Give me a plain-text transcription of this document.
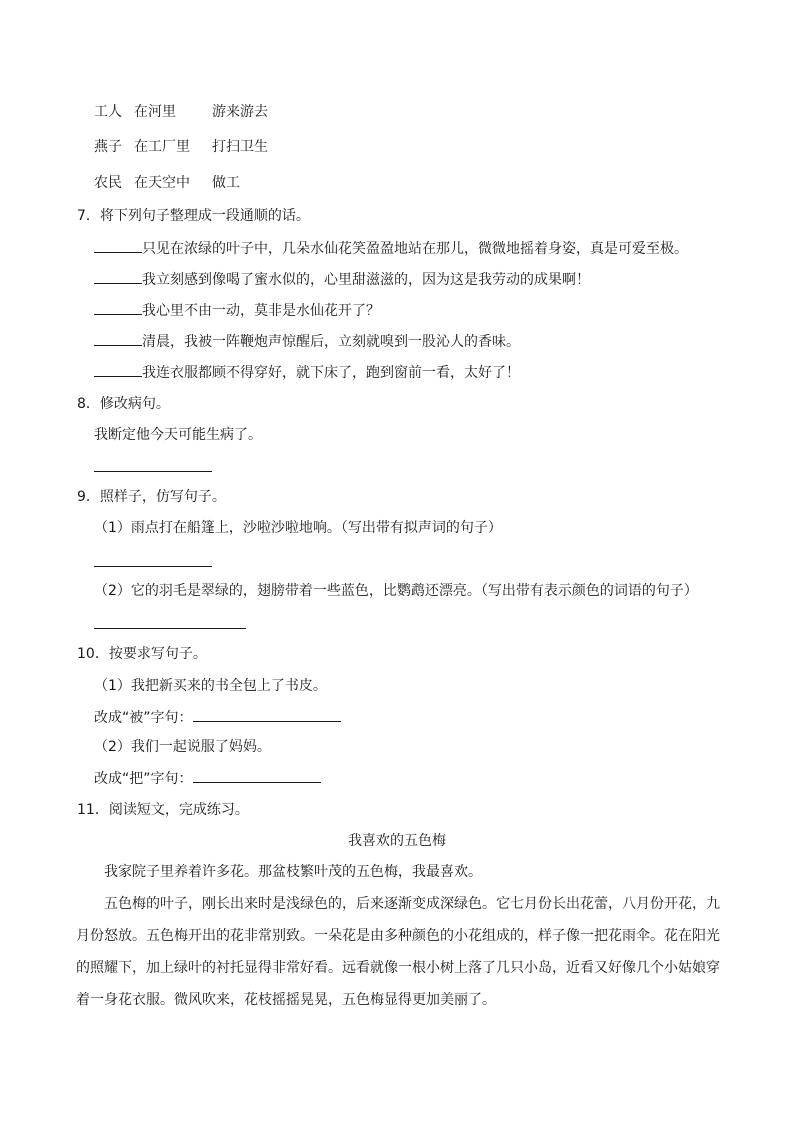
工人 在河里	游来游去
燕子 在工厂里 打扫卫生
农民 在天空中 做工
7．将下列句子整理成一段通顺的话。
只见在浓绿的叶子中，几朵水仙花笑盈盈地站在那儿，微微地摇着身姿，真是可爱至极。
我立刻感到像喝了蜜水似的，心里甜滋滋的，因为这是我劳动的成果啊！
我心里不由一动，莫非是水仙花开了？
清晨，我被一阵鞭炮声惊醒后，立刻就嗅到一股沁人的香味。
我连衣服都顾不得穿好，就下床了，跑到窗前一看，太好了！
8．修改病句。
我断定他今天可能生病了。
9．照样子，仿写句子。
（1）雨点打在船篷上，沙啦沙啦地响。（写出带有拟声词的句子）
（2）它的羽毛是翠绿的，翅膀带着一些蓝色，比鹦鹉还漂亮。（写出带有表示颜色的词语的句子）
10．按要求写句子。
（1）我把新买来的书全包上了书皮。
改成“被”字句：
（2）我们一起说服了妈妈。
改成“把”字句：
11．阅读短文，完成练习。
我喜欢的五色梅
我家院子里养着许多花。那盆枝繁叶茂的五色梅，我最喜欢。
五色梅的叶子，刚长出来时是浅绿色的，后来逐渐变成深绿色。它七月份长出花蕾，八月份开花，九月份怒放。五色梅开出的花非常别致。一朵花是由多种颜色的小花组成的，样子像一把花雨伞。花在阳光的照耀下，加上绿叶的衬托显得非常好看。远看就像一根小树上落了几只小岛，近看又好像几个小姑娘穿着一身花衣服。微风吹来，花枝摇摇晃晃，五色梅显得更加美丽了。
